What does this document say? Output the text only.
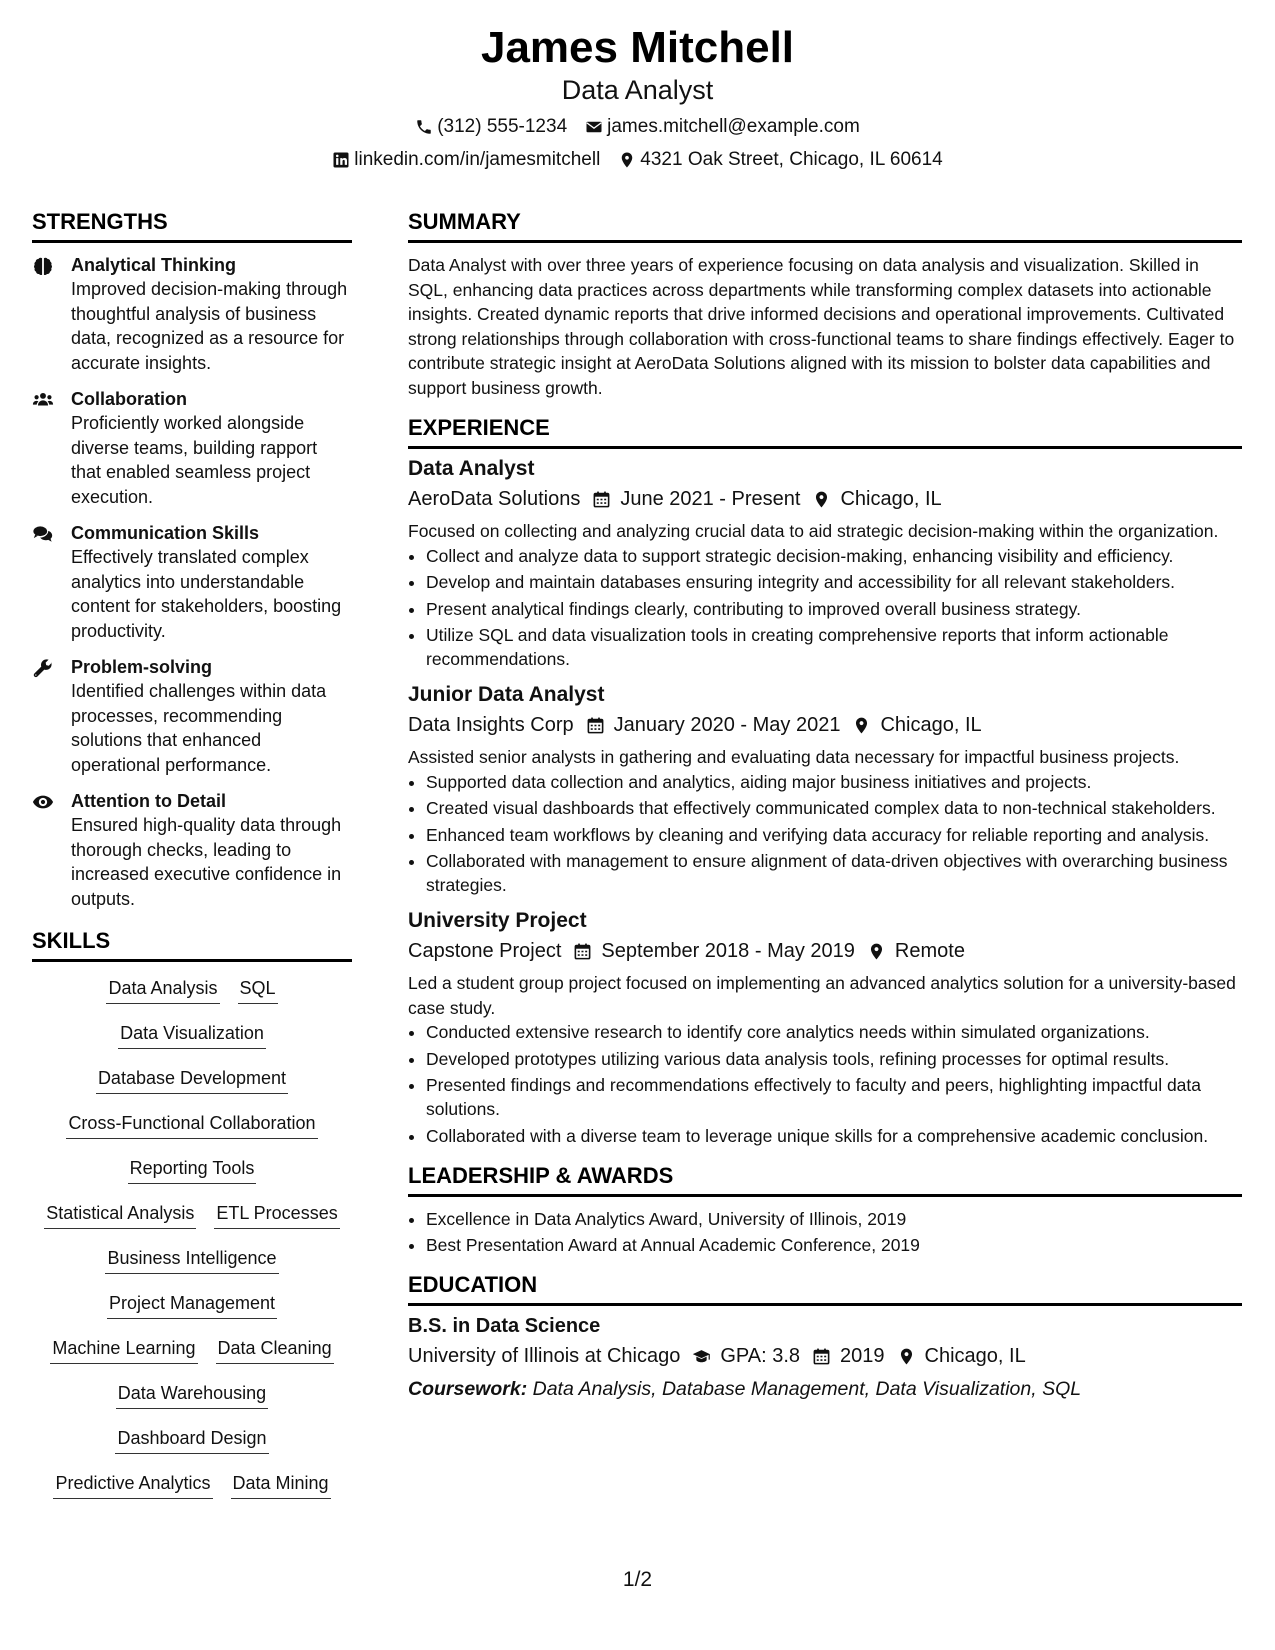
James Mitchell
Data Analyst
(312) 555-1234 james.mitchell@example.com
linkedin.com/in/jamesmitchell 4321 Oak Street, Chicago, IL 60614
STRENGTHS
Analytical Thinking
Improved decision-making through thoughtful analysis of business data, recognized as a resource for accurate insights.
Collaboration
Proficiently worked alongside diverse teams, building rapport that enabled seamless project execution.
Communication Skills
Effectively translated complex analytics into understandable content for stakeholders, boosting productivity.
Problem-solving
Identified challenges within data processes, recommending solutions that enhanced operational performance.
Attention to Detail
Ensured high-quality data through thorough checks, leading to increased executive confidence in outputs.
SKILLS
Data Analysis SQL
Data Visualization
Database Development
Cross-Functional Collaboration
Reporting Tools
Statistical Analysis ETL Processes
Business Intelligence
Project Management
Machine Learning Data Cleaning
Data Warehousing
Dashboard Design
Predictive Analytics Data Mining
SUMMARY
Data Analyst with over three years of experience focusing on data analysis and visualization. Skilled in SQL, enhancing data practices across departments while transforming complex datasets into actionable insights. Created dynamic reports that drive informed decisions and operational improvements. Cultivated strong relationships through collaboration with cross-functional teams to share findings effectively. Eager to contribute strategic insight at AeroData Solutions aligned with its mission to bolster data capabilities and support business growth.
EXPERIENCE
Data Analyst
AeroData Solutions June 2021 - Present Chicago, IL
Focused on collecting and analyzing crucial data to aid strategic decision-making within the organization.
• Collect and analyze data to support strategic decision-making, enhancing visibility and efficiency.
• Develop and maintain databases ensuring integrity and accessibility for all relevant stakeholders.
• Present analytical findings clearly, contributing to improved overall business strategy.
• Utilize SQL and data visualization tools in creating comprehensive reports that inform actionable recommendations.
Junior Data Analyst
Data Insights Corp January 2020 - May 2021 Chicago, IL
Assisted senior analysts in gathering and evaluating data necessary for impactful business projects.
• Supported data collection and analytics, aiding major business initiatives and projects.
• Created visual dashboards that effectively communicated complex data to non-technical stakeholders.
• Enhanced team workflows by cleaning and verifying data accuracy for reliable reporting and analysis.
• Collaborated with management to ensure alignment of data-driven objectives with overarching business strategies.
University Project
Capstone Project September 2018 - May 2019 Remote
Led a student group project focused on implementing an advanced analytics solution for a university-based case study.
• Conducted extensive research to identify core analytics needs within simulated organizations.
• Developed prototypes utilizing various data analysis tools, refining processes for optimal results.
• Presented findings and recommendations effectively to faculty and peers, highlighting impactful data solutions.
• Collaborated with a diverse team to leverage unique skills for a comprehensive academic conclusion.
LEADERSHIP & AWARDS
• Excellence in Data Analytics Award, University of Illinois, 2019
• Best Presentation Award at Annual Academic Conference, 2019
EDUCATION
B.S. in Data Science
University of Illinois at Chicago GPA: 3.8 2019 Chicago, IL
Coursework: Data Analysis, Database Management, Data Visualization, SQL
1/2
